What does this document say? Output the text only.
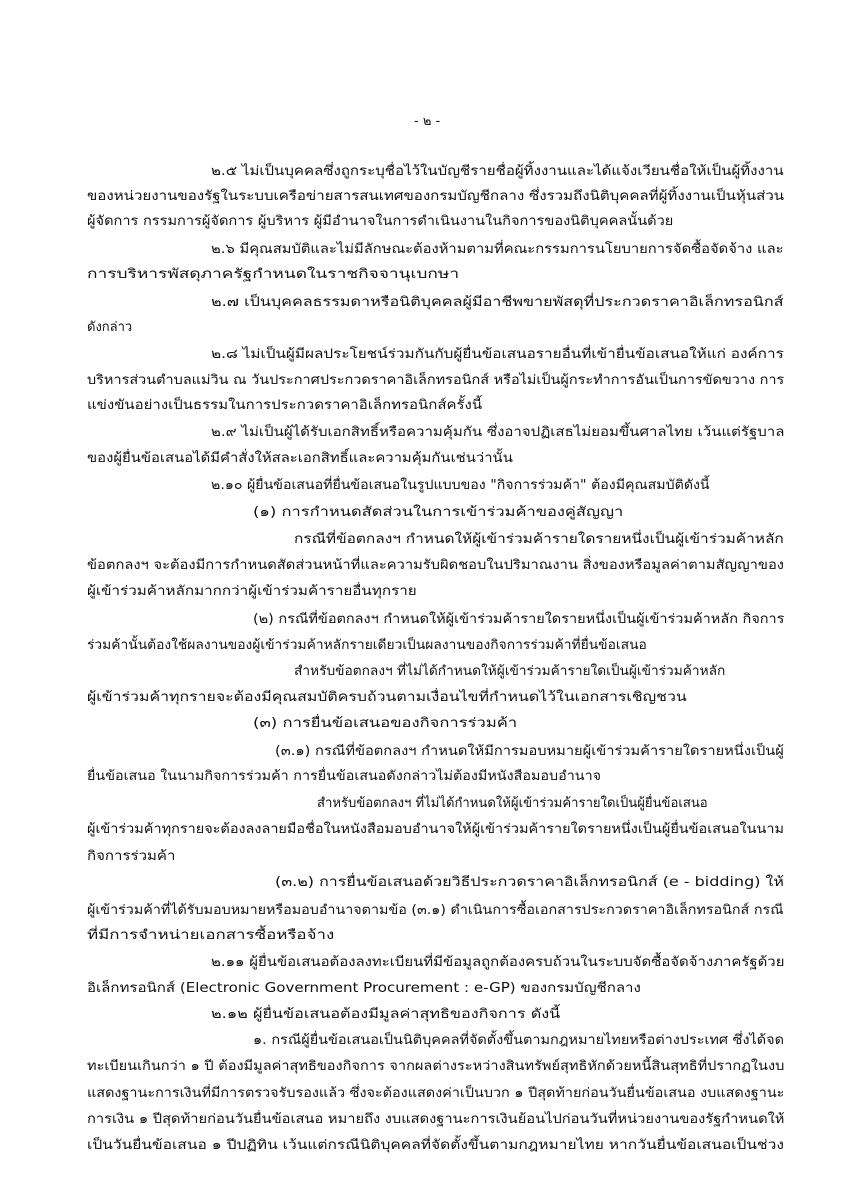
- ๒ -
๒.๕ ไม่เป็นบุคคลซึ่งถูกระบุชื่อไว้ในบัญชีรายชื่อผู้ทิ้งงานและได้แจ้งเวียนชื่อให้เป็นผู้ทิ้งงาน
ของหน่วยงานของรัฐในระบบเครือข่ายสารสนเทศของกรมบัญชีกลาง ซึ่งรวมถึงนิติบุคคลที่ผู้ทิ้งงานเป็นหุ้นส่วน
ผู้จัดการ กรรมการผู้จัดการ ผู้บริหาร ผู้มีอำนาจในการดำเนินงานในกิจการของนิติบุคคลนั้นด้วย
๒.๖ มีคุณสมบัติและไม่มีลักษณะต้องห้ามตามที่คณะกรรมการนโยบายการจัดซื้อจัดจ้าง และ
การบริหารพัสดุภาครัฐกำหนดในราชกิจจานุเบกษา
๒.๗ เป็นบุคคลธรรมดาหรือนิติบุคคลผู้มีอาชีพขายพัสดุที่ประกวดราคาอิเล็กทรอนิกส์
ดังกล่าว
๒.๘ ไม่เป็นผู้มีผลประโยชน์ร่วมกันกับผู้ยื่นข้อเสนอรายอื่นที่เข้ายื่นข้อเสนอให้แก่ องค์การ
บริหารส่วนตำบลแม่วิน ณ วันประกาศประกวดราคาอิเล็กทรอนิกส์ หรือไม่เป็นผู้กระทำการอันเป็นการขัดขวาง การ
แข่งขันอย่างเป็นธรรมในการประกวดราคาอิเล็กทรอนิกส์ครั้งนี้
๒.๙ ไม่เป็นผู้ได้รับเอกสิทธิ์หรือความคุ้มกัน ซึ่งอาจปฏิเสธไม่ยอมขึ้นศาลไทย เว้นแต่รัฐบาล
ของผู้ยื่นข้อเสนอได้มีคำสั่งให้สละเอกสิทธิ์และความคุ้มกันเช่นว่านั้น
๒.๑๐ ผู้ยื่นข้อเสนอที่ยื่นข้อเสนอในรูปแบบของ "กิจการร่วมค้า" ต้องมีคุณสมบัติดังนี้
(๑) การกำหนดสัดส่วนในการเข้าร่วมค้าของคู่สัญญา
กรณีที่ข้อตกลงฯ กำหนดให้ผู้เข้าร่วมค้ารายใดรายหนึ่งเป็นผู้เข้าร่วมค้าหลัก
ข้อตกลงฯ จะต้องมีการกำหนดสัดส่วนหน้าที่และความรับผิดชอบในปริมาณงาน สิ่งของหรือมูลค่าตามสัญญาของ
ผู้เข้าร่วมค้าหลักมากกว่าผู้เข้าร่วมค้ารายอื่นทุกราย
(๒) กรณีที่ข้อตกลงฯ กำหนดให้ผู้เข้าร่วมค้ารายใดรายหนึ่งเป็นผู้เข้าร่วมค้าหลัก กิจการ
ร่วมค้านั้นต้องใช้ผลงานของผู้เข้าร่วมค้าหลักรายเดียวเป็นผลงานของกิจการร่วมค้าที่ยื่นข้อเสนอ
สำหรับข้อตกลงฯ ที่ไม่ได้กำหนดให้ผู้เข้าร่วมค้ารายใดเป็นผู้เข้าร่วมค้าหลัก
ผู้เข้าร่วมค้าทุกรายจะต้องมีคุณสมบัติครบถ้วนตามเงื่อนไขที่กำหนดไว้ในเอกสารเชิญชวน
(๓) การยื่นข้อเสนอของกิจการร่วมค้า
(๓.๑) กรณีที่ข้อตกลงฯ กำหนดให้มีการมอบหมายผู้เข้าร่วมค้ารายใดรายหนึ่งเป็นผู้
ยื่นข้อเสนอ ในนามกิจการร่วมค้า การยื่นข้อเสนอดังกล่าวไม่ต้องมีหนังสือมอบอำนาจ
สำหรับข้อตกลงฯ ที่ไม่ได้กำหนดให้ผู้เข้าร่วมค้ารายใดเป็นผู้ยื่นข้อเสนอ
ผู้เข้าร่วมค้าทุกรายจะต้องลงลายมือชื่อในหนังสือมอบอำนาจให้ผู้เข้าร่วมค้ารายใดรายหนึ่งเป็นผู้ยื่นข้อเสนอในนาม
กิจการร่วมค้า
(๓.๒) การยื่นข้อเสนอด้วยวิธีประกวดราคาอิเล็กทรอนิกส์ (e - bidding) ให้
ผู้เข้าร่วมค้าที่ได้รับมอบหมายหรือมอบอำนาจตามข้อ (๓.๑) ดำเนินการซื้อเอกสารประกวดราคาอิเล็กทรอนิกส์ กรณี
ที่มีการจำหน่ายเอกสารซื้อหรือจ้าง
๒.๑๑ ผู้ยื่นข้อเสนอต้องลงทะเบียนที่มีข้อมูลถูกต้องครบถ้วนในระบบจัดซื้อจัดจ้างภาครัฐด้วย
อิเล็กทรอนิกส์ (Electronic Government Procurement : e-GP) ของกรมบัญชีกลาง
๒.๑๒ ผู้ยื่นข้อเสนอต้องมีมูลค่าสุทธิของกิจการ ดังนี้
๑. กรณีผู้ยื่นข้อเสนอเป็นนิติบุคคลที่จัดตั้งขึ้นตามกฎหมายไทยหรือต่างประเทศ ซึ่งได้จด
ทะเบียนเกินกว่า ๑ ปี ต้องมีมูลค่าสุทธิของกิจการ จากผลต่างระหว่างสินทรัพย์สุทธิหักด้วยหนี้สินสุทธิที่ปรากฏในงบ
แสดงฐานะการเงินที่มีการตรวจรับรองแล้ว ซึ่งจะต้องแสดงค่าเป็นบวก ๑ ปีสุดท้ายก่อนวันยื่นข้อเสนอ งบแสดงฐานะ
การเงิน ๑ ปีสุดท้ายก่อนวันยื่นข้อเสนอ หมายถึง งบแสดงฐานะการเงินย้อนไปก่อนวันที่หน่วยงานของรัฐกำหนดให้
เป็นวันยื่นข้อเสนอ ๑ ปีปฏิทิน เว้นแต่กรณีนิติบุคคลที่จัดตั้งขึ้นตามกฎหมายไทย หากวันยื่นข้อเสนอเป็นช่วง
